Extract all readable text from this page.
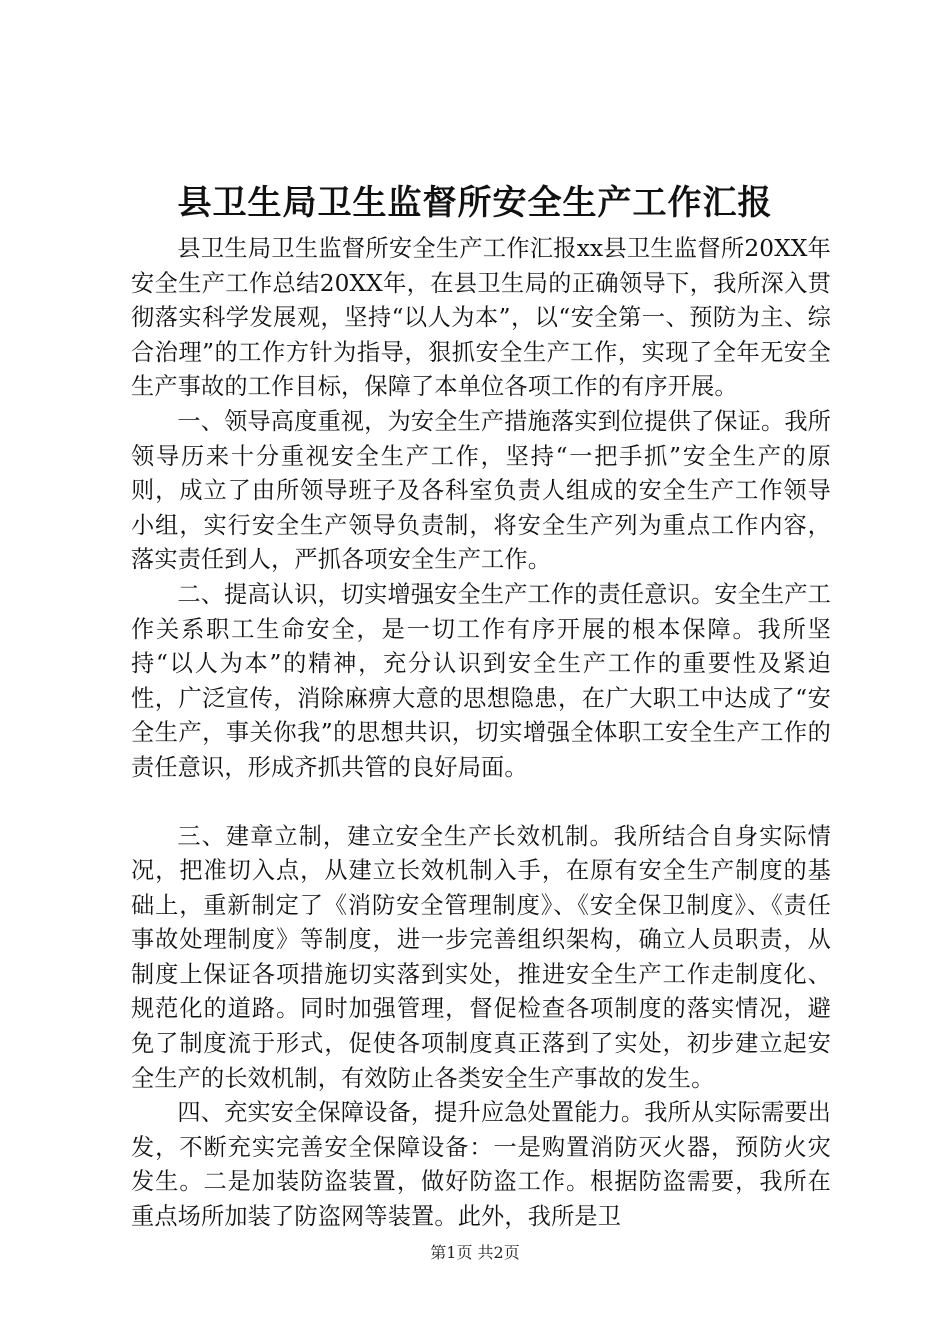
县卫生局卫生监督所安全生产工作汇报

县卫生局卫生监督所安全生产工作汇报xx县卫生监督所20XX年安全生产工作总结20XX年，在县卫生局的正确领导下，我所深入贯彻落实科学发展观，坚持“以人为本”，以“安全第一、预防为主、综合治理”的工作方针为指导，狠抓安全生产工作，实现了全年无安全生产事故的工作目标，保障了本单位各项工作的有序开展。

一、领导高度重视，为安全生产措施落实到位提供了保证。我所领导历来十分重视安全生产工作，坚持“一把手抓”安全生产的原则，成立了由所领导班子及各科室负责人组成的安全生产工作领导小组，实行安全生产领导负责制，将安全生产列为重点工作内容，落实责任到人，严抓各项安全生产工作。

二、提高认识，切实增强安全生产工作的责任意识。安全生产工作关系职工生命安全，是一切工作有序开展的根本保障。我所坚持“以人为本”的精神，充分认识到安全生产工作的重要性及紧迫性，广泛宣传，消除麻痹大意的思想隐患，在广大职工中达成了“安全生产，事关你我”的思想共识，切实增强全体职工安全生产工作的责任意识，形成齐抓共管的良好局面。

三、建章立制，建立安全生产长效机制。我所结合自身实际情况，把准切入点，从建立长效机制入手，在原有安全生产制度的基础上，重新制定了《消防安全管理制度》、《安全保卫制度》、《责任事故处理制度》等制度，进一步完善组织架构，确立人员职责，从制度上保证各项措施切实落到实处，推进安全生产工作走制度化、规范化的道路。同时加强管理，督促检查各项制度的落实情况，避免了制度流于形式，促使各项制度真正落到了实处，初步建立起安全生产的长效机制，有效防止各类安全生产事故的发生。

四、充实安全保障设备，提升应急处置能力。我所从实际需要出发，不断充实完善安全保障设备：一是购置消防灭火器，预防火灾发生。二是加装防盗装置，做好防盗工作。根据防盗需要，我所在重点场所加装了防盗网等装置。此外，我所是卫

第1页 共2页
